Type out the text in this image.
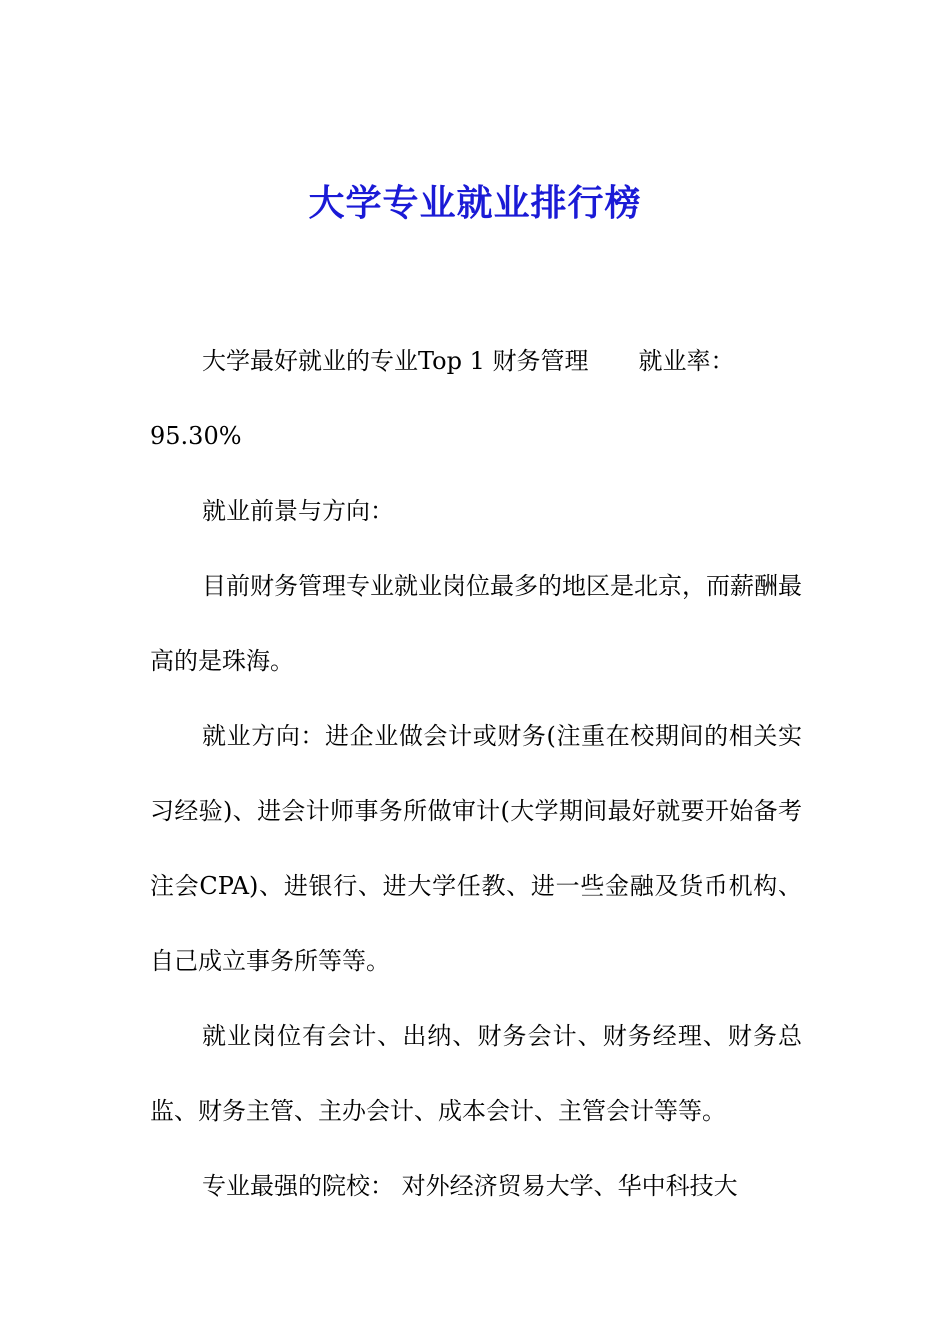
大学专业就业排行榜

大学最好就业的专业Top 1 财务管理 就业率：

95.30%

就业前景与方向：

目前财务管理专业就业岗位最多的地区是北京，而薪酬最高的是珠海。

就业方向：进企业做会计或财务(注重在校期间的相关实习经验)、进会计师事务所做审计(大学期间最好就要开始备考注会CPA)、进银行、进大学任教、进一些金融及货币机构、自己成立事务所等等。

就业岗位有会计、出纳、财务会计、财务经理、财务总监、财务主管、主办会计、成本会计、主管会计等等。

专业最强的院校： 对外经济贸易大学、华中科技大
